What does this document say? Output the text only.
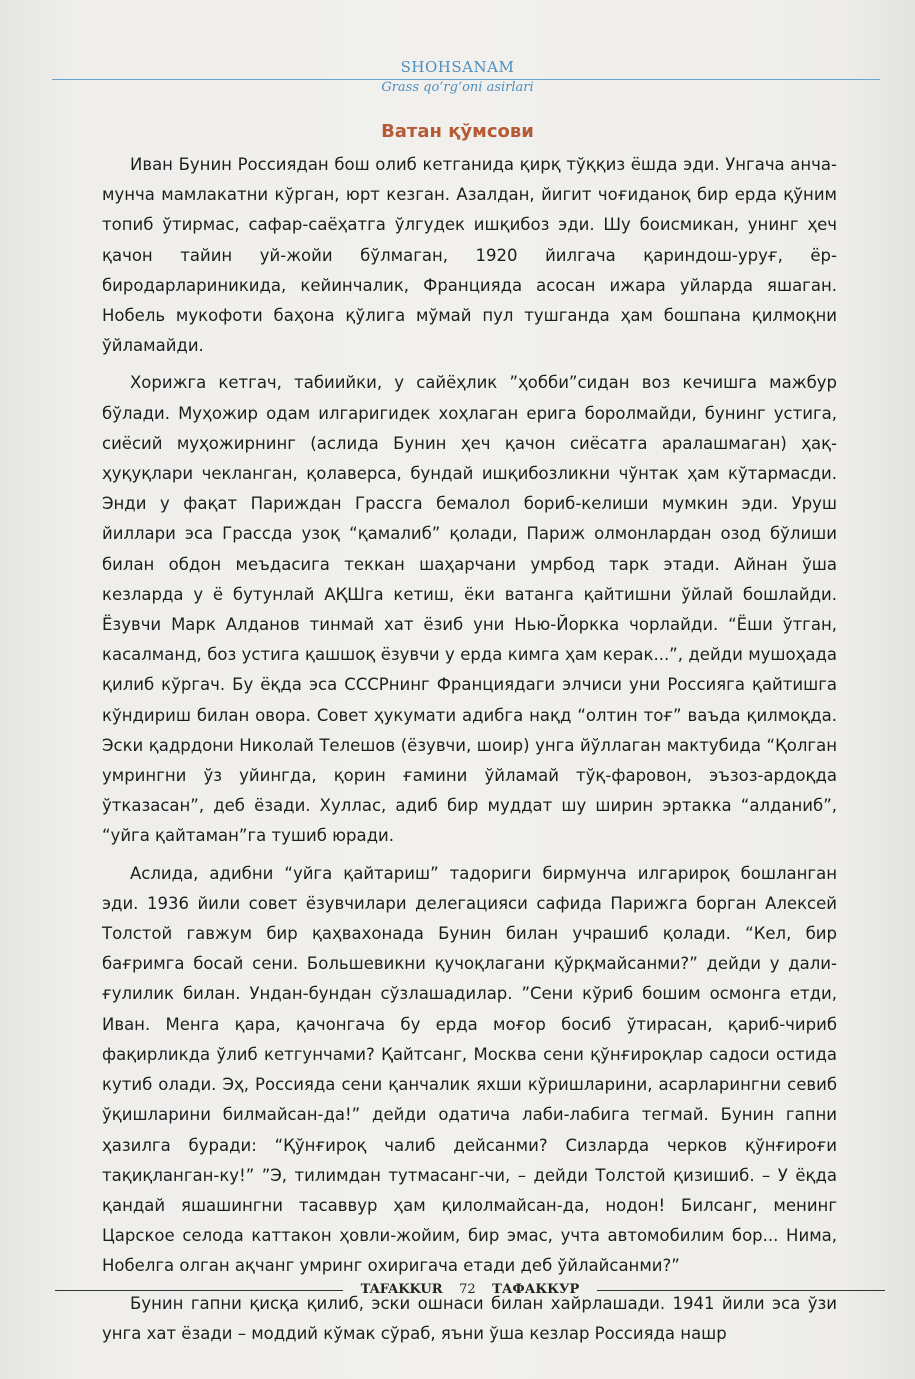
SHOHSANAM
Grass qo‘rg‘oni asirlari
Ватан қўмсови

Иван Бунин Россиядан бош олиб кетганида қирқ тўққиз ёшда эди. Унгача анча-мунча мамлакатни кўрган, юрт кезган. Азалдан, йигит чоғиданоқ бир ерда қўним топиб ўтирмас, сафар-саёҳатга ўлгудек ишқибоз эди. Шу боисмикан, унинг ҳеч қачон тайин уй-жойи бўлмаган, 1920 йилгача қариндош-уруғ, ёр-биродарлариникида, кейинчалик, Францияда асосан ижара уйларда яшаган. Нобель мукофоти баҳона қўлига мўмай пул тушганда ҳам бошпана қилмоқни ўйламайди.

Хорижга кетгач, табиийки, у сайёҳлик ”ҳобби”сидан воз кечишга мажбур бўлади. Муҳожир одам илгаригидек хоҳлаган ерига боролмайди, бунинг устига, сиёсий муҳожирнинг (аслида Бунин ҳеч қачон сиёсатга аралашмаган) ҳақ-ҳуқуқлари чекланган, қолаверса, бундай ишқибозликни чўнтак ҳам кўтармасди. Энди у фақат Париждан Грассга бемалол бориб-келиши мумкин эди. Уруш йиллари эса Грассда узоқ “қамалиб” қолади, Париж олмонлардан озод бўлиши билан обдон меъдасига теккан шаҳарчани умрбод тарк этади. Айнан ўша кезларда у ё бутунлай АҚШга кетиш, ёки ватанга қайтишни ўйлай бошлайди. Ёзувчи Марк Алданов тинмай хат ёзиб уни Нью-Йоркка чорлайди. “Ёши ўтган, касалманд, боз устига қашшоқ ёзувчи у ерда кимга ҳам керак...”, дейди мушоҳада қилиб кўргач. Бу ёқда эса СССРнинг Франциядаги элчиси уни Россияга қайтишга кўндириш билан овора. Совет ҳукумати адибга нақд “олтин тоғ” ваъда қилмоқда. Эски қадрдони Николай Телешов (ёзувчи, шоир) унга йўллаган мактубида “Қолган умрингни ўз уйингда, қорин ғамини ўйламай тўқ-фаровон, эъзоз-ардоқда ўтказасан”, деб ёзади. Хуллас, адиб бир муддат шу ширин эртакка “алданиб”, “уйга қайтаман”га тушиб юради.

Аслида, адибни “уйга қайтариш” тадориги бирмунча илгарироқ бошланган эди. 1936 йили совет ёзувчилари делегацияси сафида Парижга борган Алексей Толстой гавжум бир қаҳвахонада Бунин билан учрашиб қолади. “Кел, бир бағримга босай сени. Большевикни қучоқлагани қўрқмайсанми?” дейди у дали-ғулилик билан. Ундан-бундан сўзлашадилар. ”Сени кўриб бошим осмонга етди, Иван. Менга қара, қачонгача бу ерда моғор босиб ўтирасан, қариб-чириб фақирликда ўлиб кетгунчами? Қайтсанг, Москва сени қўнғироқлар садоси остида кутиб олади. Эҳ, Россияда сени қанчалик яхши кўришларини, асарларингни севиб ўқишларини билмайсан-да!” дейди одатича лаби-лабига тегмай. Бунин гапни ҳазилга буради: “Қўнғироқ чалиб дейсанми? Сизларда черков қўнғироғи тақиқланган-ку!” ”Э, тилимдан тутмасанг-чи, – дейди Толстой қизишиб. – У ёқда қандай яшашингни тасаввур ҳам қилолмайсан-да, нодон! Билсанг, менинг Царское селода каттакон ҳовли-жойим, бир эмас, учта автомобилим бор... Нима, Нобелга олган ақчанг умринг охиригача етади деб ўйлайсанми?”

Бунин гапни қисқа қилиб, эски ошнаси билан хайрлашади. 1941 йили эса ўзи унга хат ёзади – моддий кўмак сўраб, яъни ўша кезлар Россияда нашр

TAFAKKUR 72 ТАФАККУР
